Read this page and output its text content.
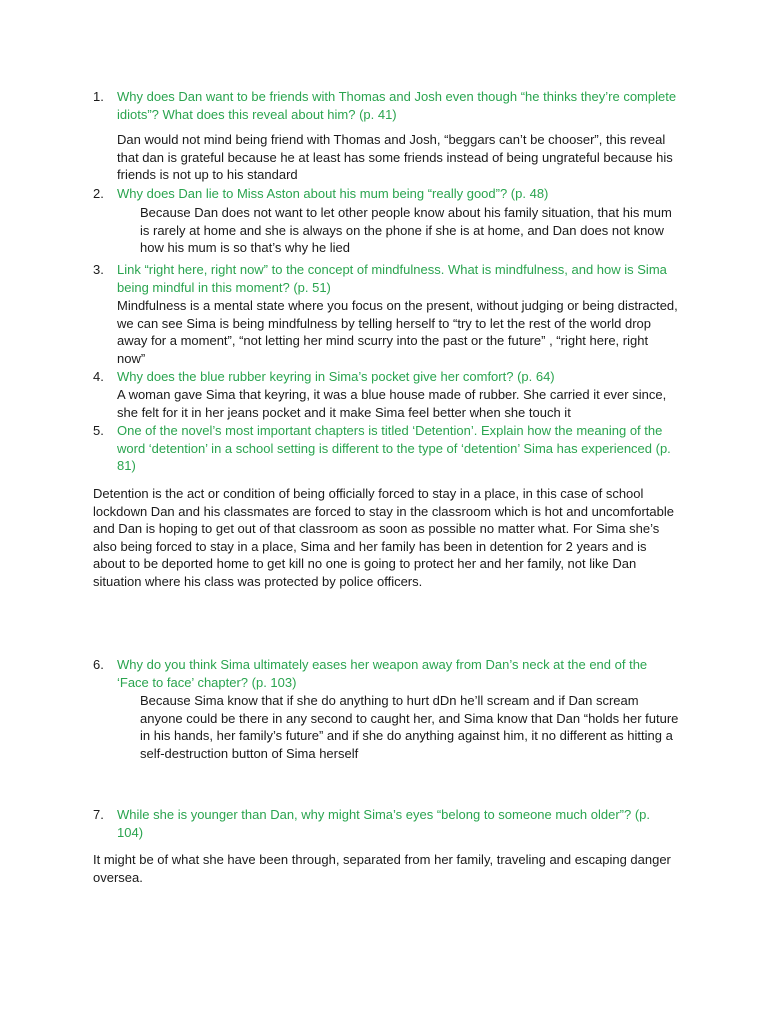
1. Why does Dan want to be friends with Thomas and Josh even though “he thinks they’re complete idiots”? What does this reveal about him? (p. 41)

Dan would not mind being friend with Thomas and Josh, “beggars can’t be chooser”, this reveal that dan is grateful because he at least has some friends instead of being ungrateful because his friends is not up to his standard

2. Why does Dan lie to Miss Aston about his mum being “really good”? (p. 48)

Because Dan does not want to let other people know about his family situation, that his mum is rarely at home and she is always on the phone if she is at home, and Dan does not know how his mum is so that’s why he lied

3. Link “right here, right now” to the concept of mindfulness. What is mindfulness, and how is Sima being mindful in this moment? (p. 51)

Mindfulness is a mental state where you focus on the present, without judging or being distracted, we can see Sima is being mindfulness by telling herself to “try to let the rest of the world drop away for a moment”, “not letting her mind scurry into the past or the future” , “right here, right now”

4. Why does the blue rubber keyring in Sima’s pocket give her comfort? (p. 64)

A woman gave Sima that keyring, it was a blue house made of rubber. She carried it ever since, she felt for it in her jeans pocket and it make Sima feel better when she touch it

5. One of the novel’s most important chapters is titled ‘Detention’. Explain how the meaning of the word ‘detention’ in a school setting is different to the type of ‘detention’ Sima has experienced (p. 81)

Detention is the act or condition of being officially forced to stay in a place, in this case of school lockdown Dan and his classmates are forced to stay in the classroom which is hot and uncomfortable and Dan is hoping to get out of that classroom as soon as possible no matter what. For Sima she’s also being forced to stay in a place, Sima and her family has been in detention for 2 years and is about to be deported home to get kill no one is going to protect her and her family, not like Dan situation where his class was protected by police officers.

6. Why do you think Sima ultimately eases her weapon away from Dan’s neck at the end of the ‘Face to face’ chapter? (p. 103)

Because Sima know that if she do anything to hurt dDn he’ll scream and if Dan scream anyone could be there in any second to caught her, and Sima know that Dan “holds her future in his hands, her family’s future” and if she do anything against him, it no different as hitting a self-destruction button of Sima herself

7. While she is younger than Dan, why might Sima’s eyes “belong to someone much older”? (p. 104)

It might be of what she have been through, separated from her family, traveling and escaping danger oversea.
